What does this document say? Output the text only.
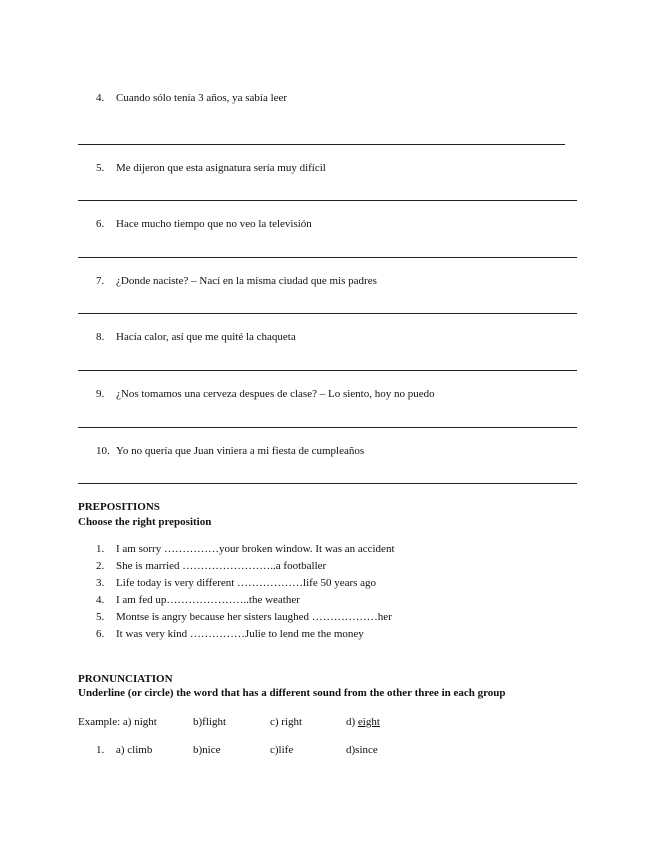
4. Cuando sólo tenía 3 años, ya sabía leer
5. Me dijeron que esta asignatura sería muy difícil
6. Hace mucho tiempo que no veo la televisión
7. ¿Donde naciste? – Nací en la misma ciudad que mis padres
8. Hacía calor, así que me quité la chaqueta
9. ¿Nos tomamos una cerveza despues de clase? – Lo siento, hoy no puedo
10. Yo no quería que Juan viniera a mi fiesta de cumpleaños
PREPOSITIONS
Choose the right preposition
1. I am sorry ……………your broken window. It was an accident
2. She is married ……………………..a footballer
3. Life today is very different ………………life 50 years ago
4. I am fed up…………………..the weather
5. Montse is angry because her sisters laughed ………………her
6. It was very kind ……………Julie to lend me the money
PRONUNCIATION
Underline (or circle) the word that has a different sound from the other three in each group
Example: a) night	b)flight	c) right	d) eight
1. a) climb	b)nice	c)life	d)since
